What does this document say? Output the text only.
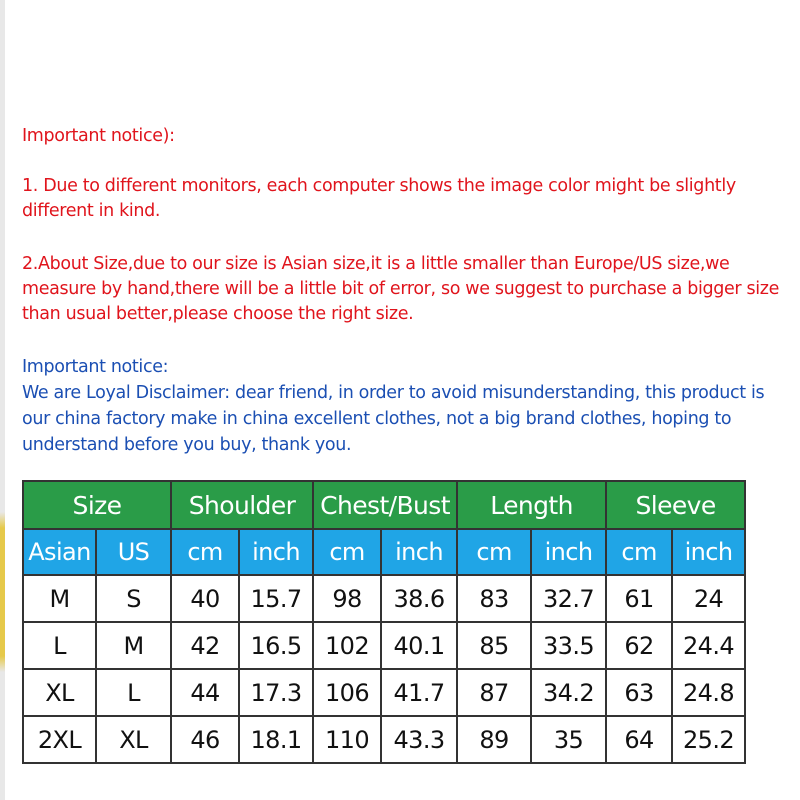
Important notice):
1. Due to different monitors, each computer shows the image color might be slightly different in kind.
2.About Size,due to our size is Asian size,it is a little smaller than Europe/US size,we measure by hand,there will be a little bit of error, so we suggest to purchase a bigger size than usual better,please choose the right size.
Important notice:
We are Loyal Disclaimer: dear friend, in order to avoid misunderstanding, this product is our china factory make in china excellent clothes, not a big brand clothes, hoping to understand before you buy, thank you.
Size		Shoulder		Chest/Bust		Length		Sleeve	
Asian	US	cm	inch	cm	inch	cm	inch	cm	inch
M	S	40	15.7	98	38.6	83	32.7	61	24
L	M	42	16.5	102	40.1	85	33.5	62	24.4
XL	L	44	17.3	106	41.7	87	34.2	63	24.8
2XL	XL	46	18.1	110	43.3	89	35	64	25.2
